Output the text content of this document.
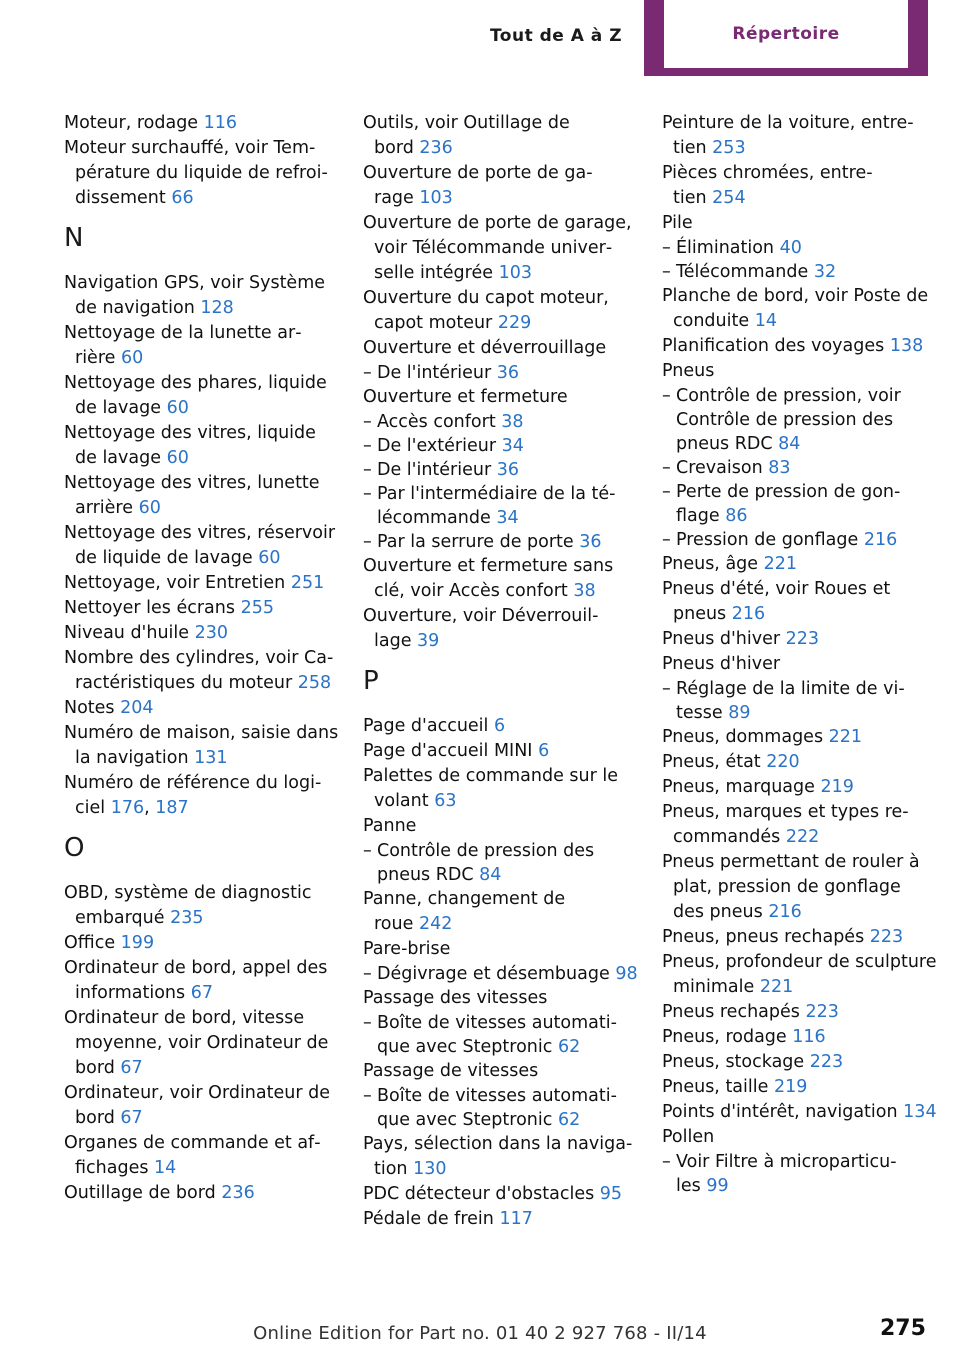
Tout de A à Z	Répertoire
Moteur, rodage 116
Moteur surchauffé, voir Température du liquide de refroidissement 66
N
Navigation GPS, voir Système de navigation 128
Nettoyage de la lunette arrière 60
Nettoyage des phares, liquide de lavage 60
Nettoyage des vitres, liquide de lavage 60
Nettoyage des vitres, lunette arrière 60
Nettoyage des vitres, réservoir de liquide de lavage 60
Nettoyage, voir Entretien 251
Nettoyer les écrans 255
Niveau d'huile 230
Nombre des cylindres, voir Caractéristiques du moteur 258
Notes 204
Numéro de maison, saisie dans la navigation 131
Numéro de référence du logiciel 176, 187
O
OBD, système de diagnostic embarqué 235
Office 199
Ordinateur de bord, appel des informations 67
Ordinateur de bord, vitesse moyenne, voir Ordinateur de bord 67
Ordinateur, voir Ordinateur de bord 67
Organes de commande et affichages 14
Outillage de bord 236
Outils, voir Outillage de bord 236
Ouverture de porte de garage 103
Ouverture de porte de garage, voir Télécommande universelle intégrée 103
Ouverture du capot moteur, capot moteur 229
Ouverture et déverrouillage
– De l'intérieur 36
Ouverture et fermeture
– Accès confort 38
– De l'extérieur 34
– De l'intérieur 36
– Par l'intermédiaire de la télécommande 34
– Par la serrure de porte 36
Ouverture et fermeture sans clé, voir Accès confort 38
Ouverture, voir Déverrouillage 39
P
Page d'accueil 6
Page d'accueil MINI 6
Palettes de commande sur le volant 63
Panne
– Contrôle de pression des pneus RDC 84
Panne, changement de roue 242
Pare-brise
– Dégivrage et désembuage 98
Passage des vitesses
– Boîte de vitesses automatique avec Steptronic 62
Passage de vitesses
– Boîte de vitesses automatique avec Steptronic 62
Pays, sélection dans la navigation 130
PDC détecteur d'obstacles 95
Pédale de frein 117
Peinture de la voiture, entretien 253
Pièces chromées, entretien 254
Pile
– Élimination 40
– Télécommande 32
Planche de bord, voir Poste de conduite 14
Planification des voyages 138
Pneus
– Contrôle de pression, voir Contrôle de pression des pneus RDC 84
– Crevaison 83
– Perte de pression de gonflage 86
– Pression de gonflage 216
Pneus, âge 221
Pneus d'été, voir Roues et pneus 216
Pneus d'hiver 223
Pneus d'hiver
– Réglage de la limite de vitesse 89
Pneus, dommages 221
Pneus, état 220
Pneus, marquage 219
Pneus, marques et types recommandés 222
Pneus permettant de rouler à plat, pression de gonflage des pneus 216
Pneus, pneus rechapés 223
Pneus, profondeur de sculpture minimale 221
Pneus rechapés 223
Pneus, rodage 116
Pneus, stockage 223
Pneus, taille 219
Points d'intérêt, navigation 134
Pollen
– Voir Filtre à microparticules 99
275
Online Edition for Part no. 01 40 2 927 768 - II/14
